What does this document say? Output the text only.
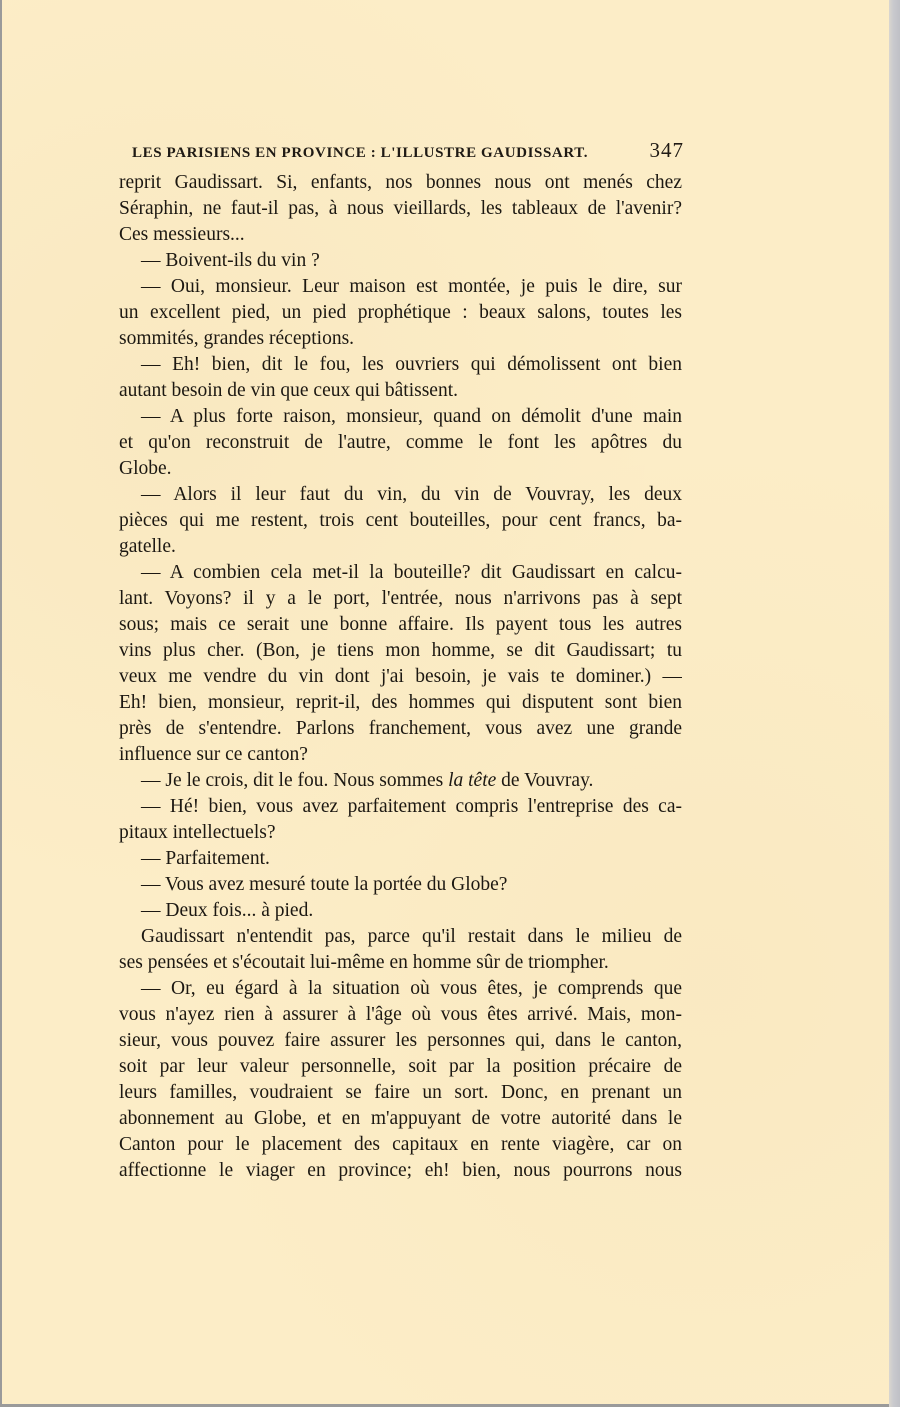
LES PARISIENS EN PROVINCE : L'ILLUSTRE GAUDISSART.	347
reprit Gaudissart. Si, enfants, nos bonnes nous ont menés chez
Séraphin, ne faut-il pas, à nous vieillards, les tableaux de l'avenir?
Ces messieurs...
— Boivent-ils du vin ?
— Oui, monsieur. Leur maison est montée, je puis le dire, sur
un excellent pied, un pied prophétique : beaux salons, toutes les
sommités, grandes réceptions.
— Eh! bien, dit le fou, les ouvriers qui démolissent ont bien
autant besoin de vin que ceux qui bâtissent.
— A plus forte raison, monsieur, quand on démolit d'une main
et qu'on reconstruit de l'autre, comme le font les apôtres du
Globe.
— Alors il leur faut du vin, du vin de Vouvray, les deux
pièces qui me restent, trois cent bouteilles, pour cent francs, ba-
gatelle.
— A combien cela met-il la bouteille? dit Gaudissart en calcu-
lant. Voyons? il y a le port, l'entrée, nous n'arrivons pas à sept
sous; mais ce serait une bonne affaire. Ils payent tous les autres
vins plus cher. (Bon, je tiens mon homme, se dit Gaudissart; tu
veux me vendre du vin dont j'ai besoin, je vais te dominer.) —
Eh! bien, monsieur, reprit-il, des hommes qui disputent sont bien
près de s'entendre. Parlons franchement, vous avez une grande
influence sur ce canton?
— Je le crois, dit le fou. Nous sommes la tête de Vouvray.
— Hé! bien, vous avez parfaitement compris l'entreprise des ca-
pitaux intellectuels?
— Parfaitement.
— Vous avez mesuré toute la portée du Globe?
— Deux fois... à pied.
Gaudissart n'entendit pas, parce qu'il restait dans le milieu de
ses pensées et s'écoutait lui-même en homme sûr de triompher.
— Or, eu égard à la situation où vous êtes, je comprends que
vous n'ayez rien à assurer à l'âge où vous êtes arrivé. Mais, mon-
sieur, vous pouvez faire assurer les personnes qui, dans le canton,
soit par leur valeur personnelle, soit par la position précaire de
leurs familles, voudraient se faire un sort. Donc, en prenant un
abonnement au Globe, et en m'appuyant de votre autorité dans le
Canton pour le placement des capitaux en rente viagère, car on
affectionne le viager en province; eh! bien, nous pourrons nous
